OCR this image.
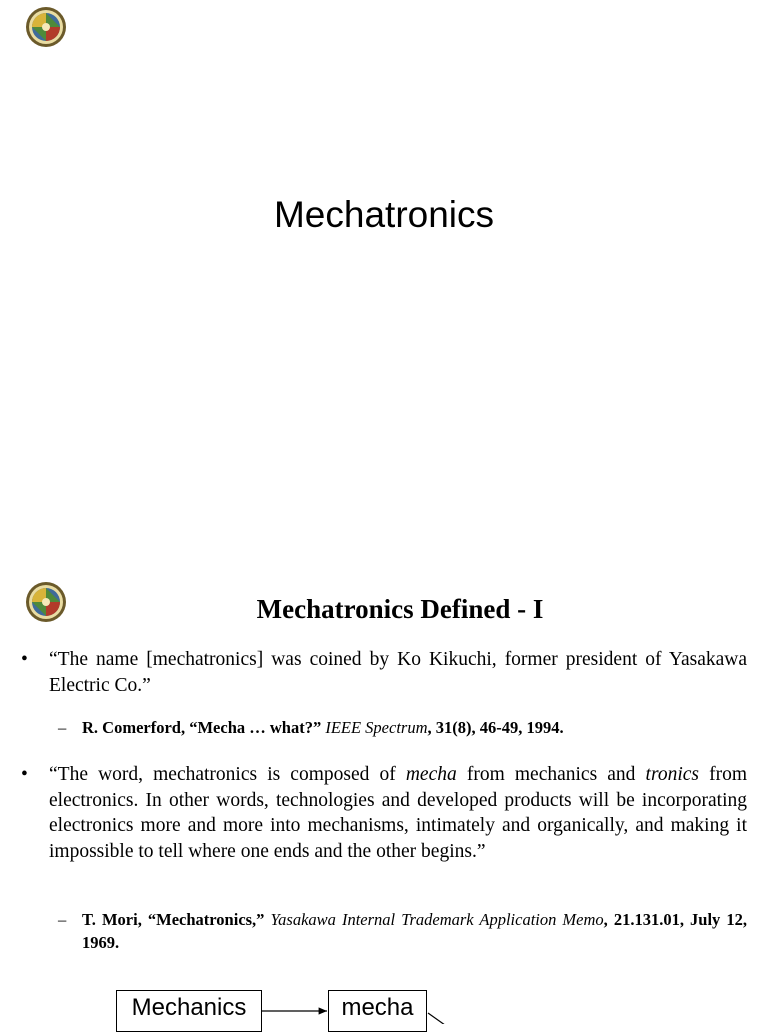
Mechatronics
Mechatronics Defined - I
• “The name [mechatronics] was coined by Ko Kikuchi, former president of Yasakawa Electric Co.”
– R. Comerford, “Mecha … what?” IEEE Spectrum, 31(8), 46-49, 1994.
• “The word, mechatronics is composed of mecha from mechanics and tronics from electronics. In other words, technologies and developed products will be incorporating electronics more and more into mechanisms, intimately and organically, and making it impossible to tell where one ends and the other begins.”
– T. Mori, “Mechatronics,” Yasakawa Internal Trademark Application Memo, 21.131.01, July 12, 1969.
Mechanics	mecha
